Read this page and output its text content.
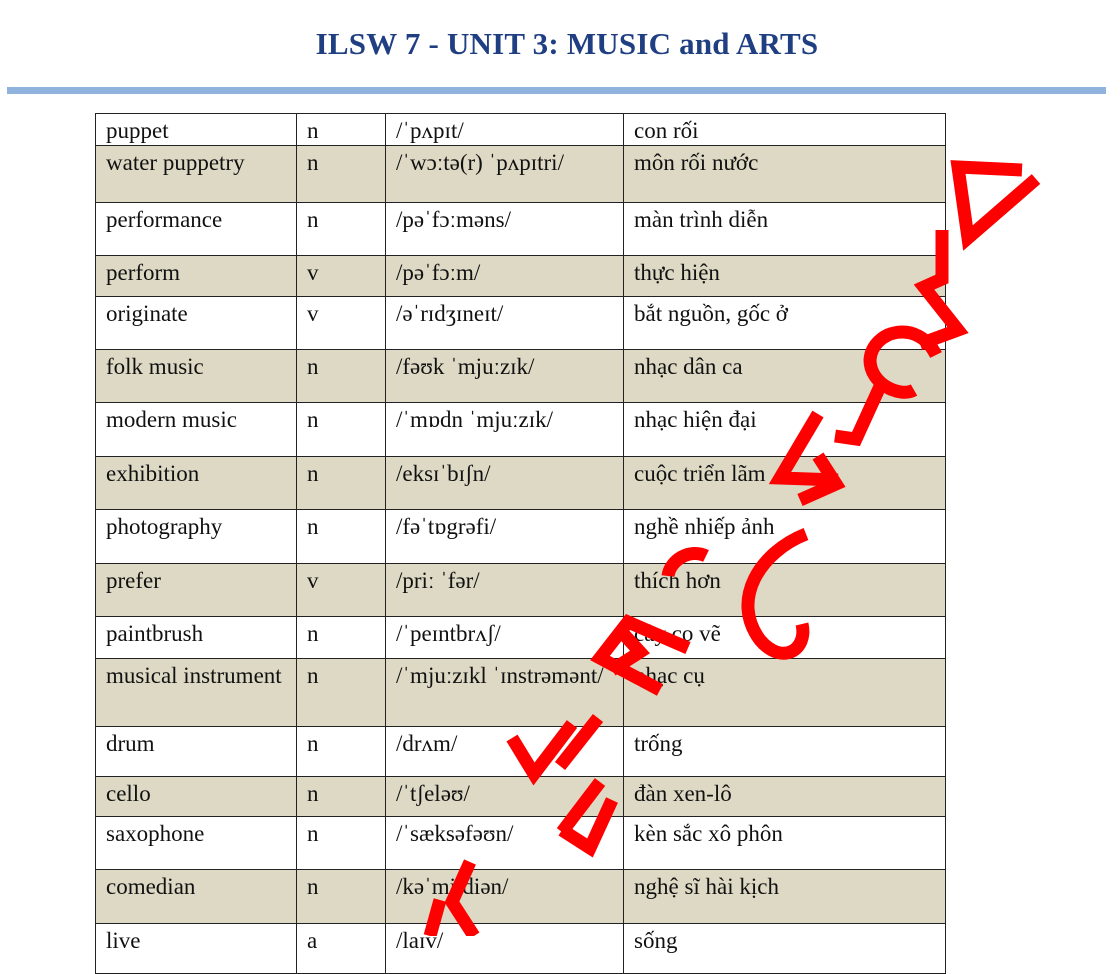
ILSW 7 - UNIT 3: MUSIC and ARTS
puppet	n	/ˈpʌpɪt/	con rối
water puppetry	n	/ˈwɔːtə(r) ˈpʌpɪtri/	môn rối nước
performance	n	/pəˈfɔːməns/	màn trình diễn
perform	v	/pəˈfɔːm/	thực hiện
originate	v	/əˈrɪdʒɪneɪt/	bắt nguồn, gốc ở
folk music	n	/fəʊk ˈmjuːzɪk/	nhạc dân ca
modern music	n	/ˈmɒdn ˈmjuːzɪk/	nhạc hiện đại
exhibition	n	/eksɪˈbɪʃn/	cuộc triển lãm
photography	n	/fəˈtɒgrəfi/	nghề nhiếp ảnh
prefer	v	/priː ˈfər/	thích hơn
paintbrush	n	/ˈpeɪntbrʌʃ/	cây cọ vẽ
musical instrument	n	/ˈmjuːzɪkl ˈɪnstrəmənt/	nhạc cụ
drum	n	/drʌm/	trống
cello	n	/ˈtʃeləʊ/	đàn xen-lô
saxophone	n	/ˈsæksəfəʊn/	kèn sắc xô phôn
comedian	n	/kəˈmiːdiən/	nghệ sĩ hài kịch
live	a	/laɪv/	sống
